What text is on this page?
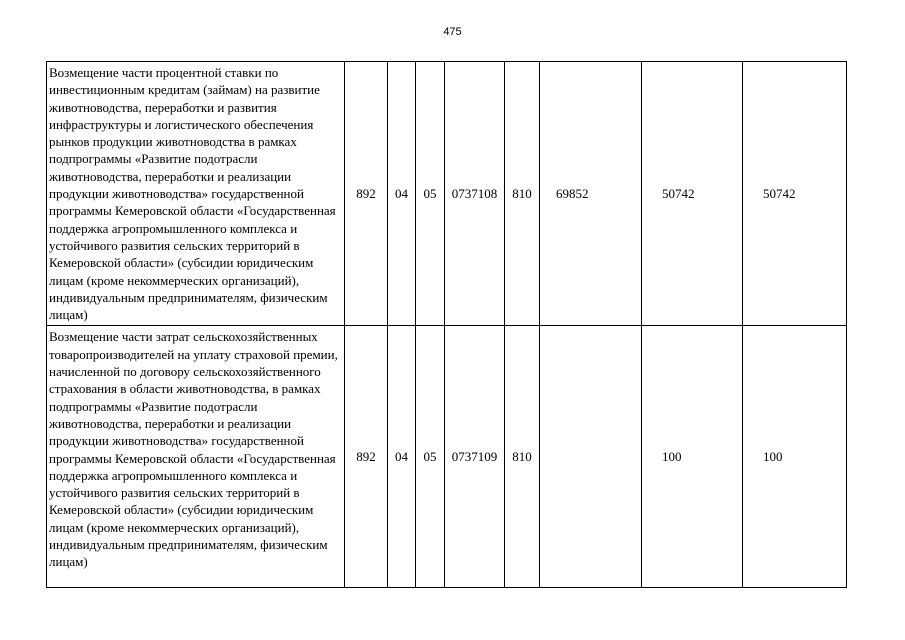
475
Возмещение части процентной ставки по инвестиционным кредитам (займам) на развитие животноводства, переработки и развития инфраструктуры и логистического обеспечения рынков продукции животноводства в рамках подпрограммы «Развитие подотрасли животноводства, переработки и реализации продукции животноводства» государственной программы Кемеровской области «Государственная поддержка агропромышленного комплекса и устойчивого развития сельских территорий в Кемеровской области» (субсидии юридическим лицам (кроме некоммерческих организаций), индивидуальным предпринимателям, физическим лицам)	892	04	05	0737108	810	69852	50742	50742
Возмещение части затрат сельскохозяйственных товаропроизводителей на уплату страховой премии, начисленной по договору сельскохозяйственного страхования в области животноводства, в рамках подпрограммы «Развитие подотрасли животноводства, переработки и реализации продукции животноводства» государственной программы Кемеровской области «Государственная поддержка агропромышленного комплекса и устойчивого развития сельских территорий в Кемеровской области» (субсидии юридическим лицам (кроме некоммерческих организаций), индивидуальным предпринимателям, физическим лицам)	892	04	05	0737109	810		100	100
